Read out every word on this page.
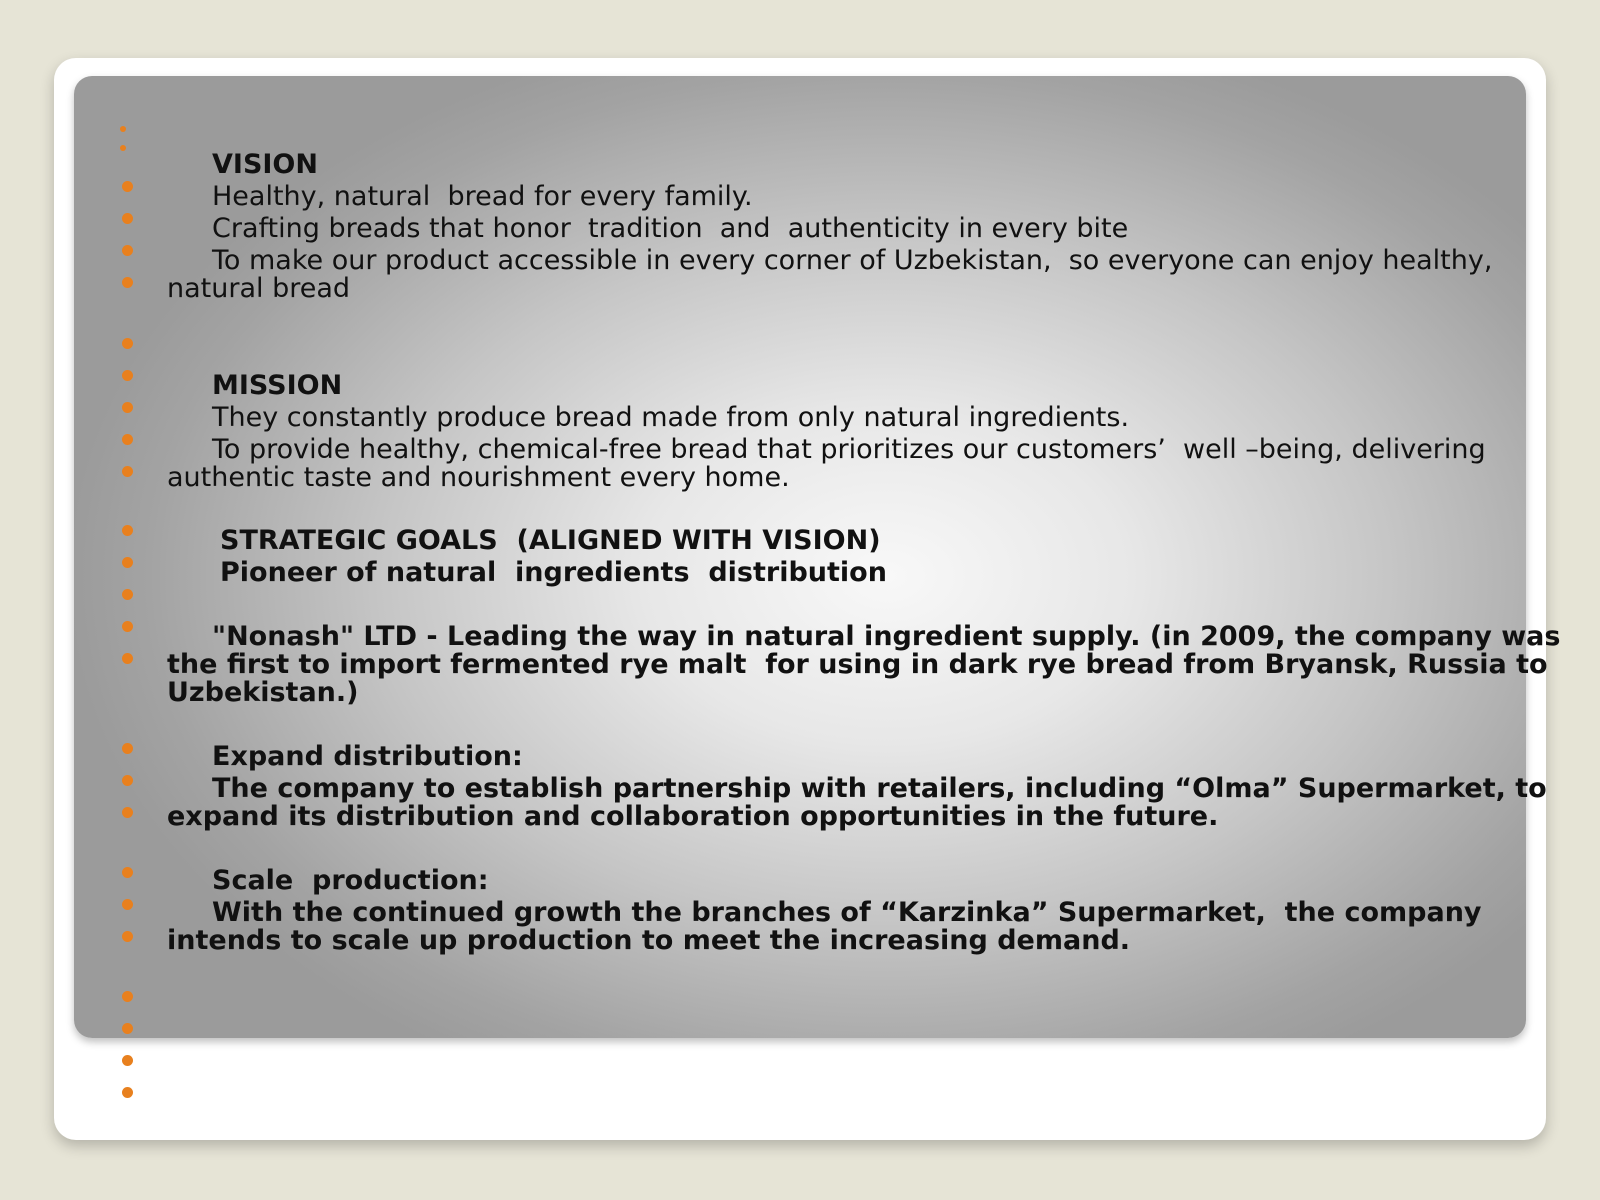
VISION
Healthy, natural  bread for every family.
Crafting breads that honor  tradition  and  authenticity in every bite
To make our product accessible in every corner of Uzbekistan,  so everyone can enjoy healthy,
natural bread
MISSION
They constantly produce bread made from only natural ingredients.
To provide healthy, chemical-free bread that prioritizes our customers’  well –being, delivering
authentic taste and nourishment every home.
STRATEGIC GOALS  (ALIGNED WITH VISION)
Pioneer of natural  ingredients  distribution
"Nonash" LTD - Leading the way in natural ingredient supply. (in 2009, the company was
the first to import fermented rye malt  for using in dark rye bread from Bryansk, Russia to
Uzbekistan.)
Expand distribution:
The company to establish partnership with retailers, including “Olma” Supermarket, to
expand its distribution and collaboration opportunities in the future.
Scale  production:
With the continued growth the branches of “Karzinka” Supermarket,  the company
intends to scale up production to meet the increasing demand.
